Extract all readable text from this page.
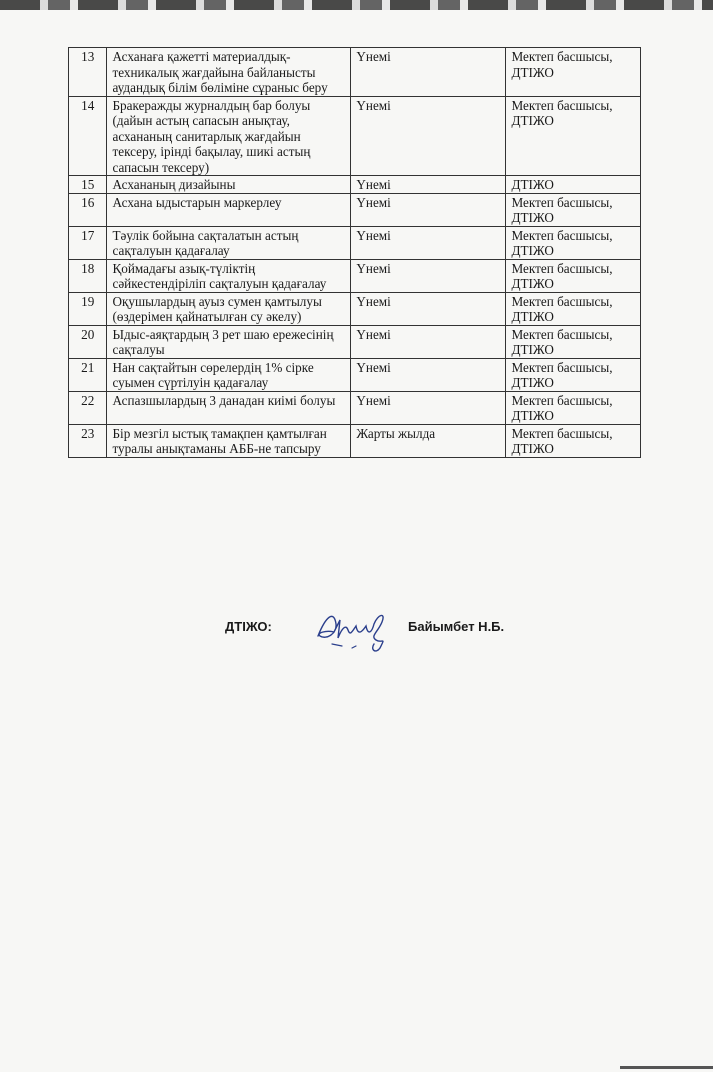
13	Асханаға қажетті материалдық-техникалық жағдайына байланысты аудандық білім бөліміне сұраныс беру	Үнемі	Мектеп басшысы, ДТІЖО
14	Бракеражды журналдың бар болуы (дайын астың сапасын анықтау, асхананың санитарлық жағдайын тексеру, ірінді бақылау, шикі астың сапасын тексеру)	Үнемі	Мектеп басшысы, ДТІЖО
15	Асхананың дизайыны	Үнемі	ДТІЖО
16	Асхана ыдыстарын маркерлеу	Үнемі	Мектеп басшысы, ДТІЖО
17	Тәулік бойына сақталатын астың сақталуын қадағалау	Үнемі	Мектеп басшысы, ДТІЖО
18	Қоймадағы азық-түліктің сәйкестендіріліп сақталуын қадағалау	Үнемі	Мектеп басшысы, ДТІЖО
19	Оқушылардың ауыз сумен қамтылуы (өздерімен қайнатылған су әкелу)	Үнемі	Мектеп басшысы, ДТІЖО
20	Ыдыс-аяқтардың 3 рет шаю ережесінің сақталуы	Үнемі	Мектеп басшысы, ДТІЖО
21	Нан сақтайтын сөрелердің 1% сірке суымен сүртілуін қадағалау	Үнемі	Мектеп басшысы, ДТІЖО
22	Аспазшылардың 3 данадан киімі болуы	Үнемі	Мектеп басшысы, ДТІЖО
23	Бір мезгіл ыстық тамақпен қамтылған туралы анықтаманы АББ-не тапсыру	Жарты жылда	Мектеп басшысы, ДТІЖО
ДТІЖО:	Байымбет Н.Б.
